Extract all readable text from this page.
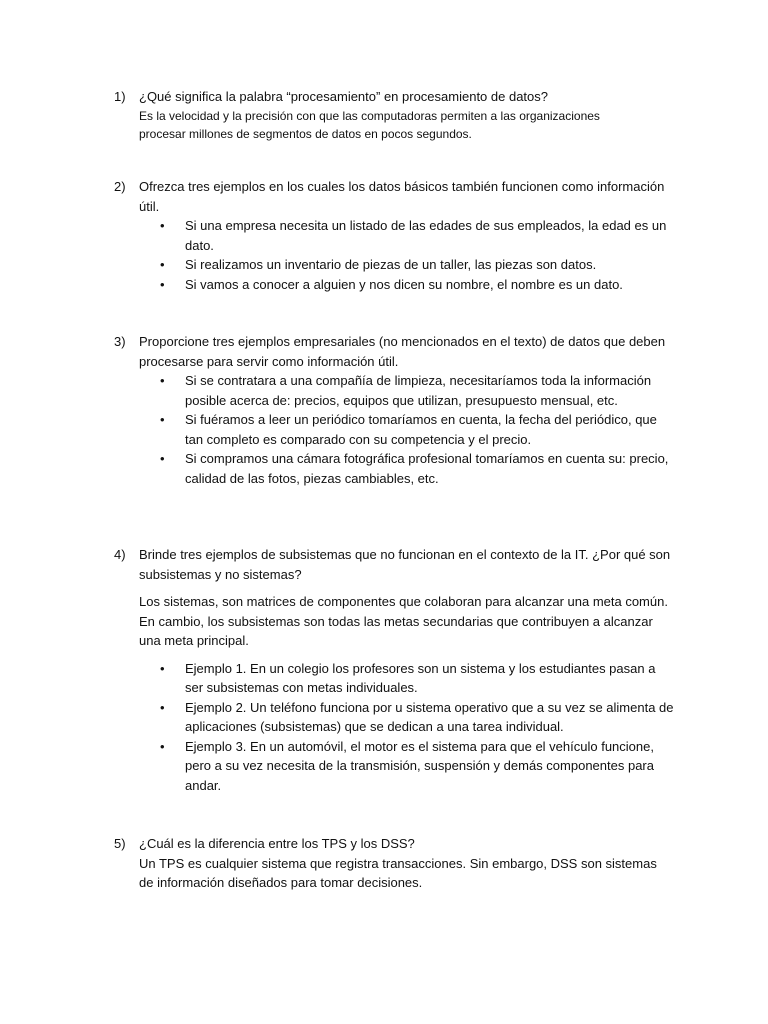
1) ¿Qué significa la palabra “procesamiento” en procesamiento de datos?
Es la velocidad y la precisión con que las computadoras permiten a las organizaciones procesar millones de segmentos de datos en pocos segundos.
2) Ofrezca tres ejemplos en los cuales los datos básicos también funcionen como información útil.
• Si una empresa necesita un listado de las edades de sus empleados, la edad es un dato.
• Si realizamos un inventario de piezas de un taller, las piezas son datos.
• Si vamos a conocer a alguien y nos dicen su nombre, el nombre es un dato.
3) Proporcione tres ejemplos empresariales (no mencionados en el texto) de datos que deben procesarse para servir como información útil.
• Si se contratara a una compañía de limpieza, necesitaríamos toda la información posible acerca de: precios, equipos que utilizan, presupuesto mensual, etc.
• Si fuéramos a leer un periódico tomaríamos en cuenta, la fecha del periódico, que tan completo es comparado con su competencia y el precio.
• Si compramos una cámara fotográfica profesional tomaríamos en cuenta su: precio, calidad de las fotos, piezas cambiables, etc.
4) Brinde tres ejemplos de subsistemas que no funcionan en el contexto de la IT. ¿Por qué son subsistemas y no sistemas?
Los sistemas, son matrices de componentes que colaboran para alcanzar una meta común. En cambio, los subsistemas son todas las metas secundarias que contribuyen a alcanzar una meta principal.
• Ejemplo 1. En un colegio los profesores son un sistema y los estudiantes pasan a ser subsistemas con metas individuales.
• Ejemplo 2. Un teléfono funciona por u sistema operativo que a su vez se alimenta de aplicaciones (subsistemas) que se dedican a una tarea individual.
• Ejemplo 3. En un automóvil, el motor es el sistema para que el vehículo funcione, pero a su vez necesita de la transmisión, suspensión y demás componentes para andar.
5) ¿Cuál es la diferencia entre los TPS y los DSS?
Un TPS es cualquier sistema que registra transacciones. Sin embargo, DSS son sistemas de información diseñados para tomar decisiones.
